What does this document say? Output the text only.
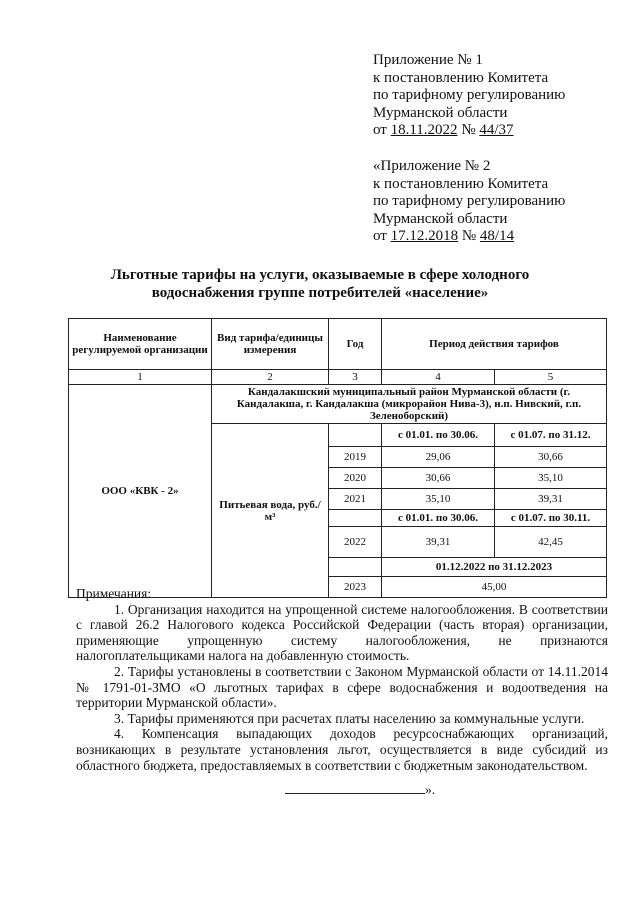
Приложение № 1
к постановлению Комитета
по тарифному регулированию
Мурманской области
от 18.11.2022 № 44/37
«Приложение № 2
к постановлению Комитета
по тарифному регулированию
Мурманской области
от 17.12.2018 № 48/14
Льготные тарифы на услуги, оказываемые в сфере холодного
водоснабжения группе потребителей «население»
Наименование регулируемой организации	Вид тарифа/единицы измерения	Год	Период действия тарифов	
1	2	3	4	5
ООО «КВК - 2»	Кандалакшский муниципальный район Мурманской области (г. Кандалакша, г. Кандалакша (микрорайон Нива-3), н.п. Нивский, г.п. Зеленоборский)			
	Питьевая вода, руб./м³		с 01.01. по 30.06.	с 01.07. по 31.12.
		2019	29,06	30,66
		2020	30,66	35,10
		2021	35,10	39,31
			с 01.01. по 30.06.	с 01.07. по 30.11.
		2022	39,31	42,45
			01.12.2022 по 31.12.2023	
		2023	45,00	

Примечания:
1. Организация находится на упрощенной системе налогообложения. В соответствии с главой 26.2 Налогового кодекса Российской Федерации (часть вторая) организации, применяющие упрощенную систему налогообложения, не признаются налогоплательщиками налога на добавленную стоимость.
2. Тарифы установлены в соответствии с Законом Мурманской области от 14.11.2014 № 1791-01-ЗМО «О льготных тарифах в сфере водоснабжения и водоотведения на территории Мурманской области».
3. Тарифы применяются при расчетах платы населению за коммунальные услуги.
4. Компенсация выпадающих доходов ресурсоснабжающих организаций, возникающих в результате установления льгот, осуществляется в виде субсидий из областного бюджета, предоставляемых в соответствии с бюджетным законодательством.
».
